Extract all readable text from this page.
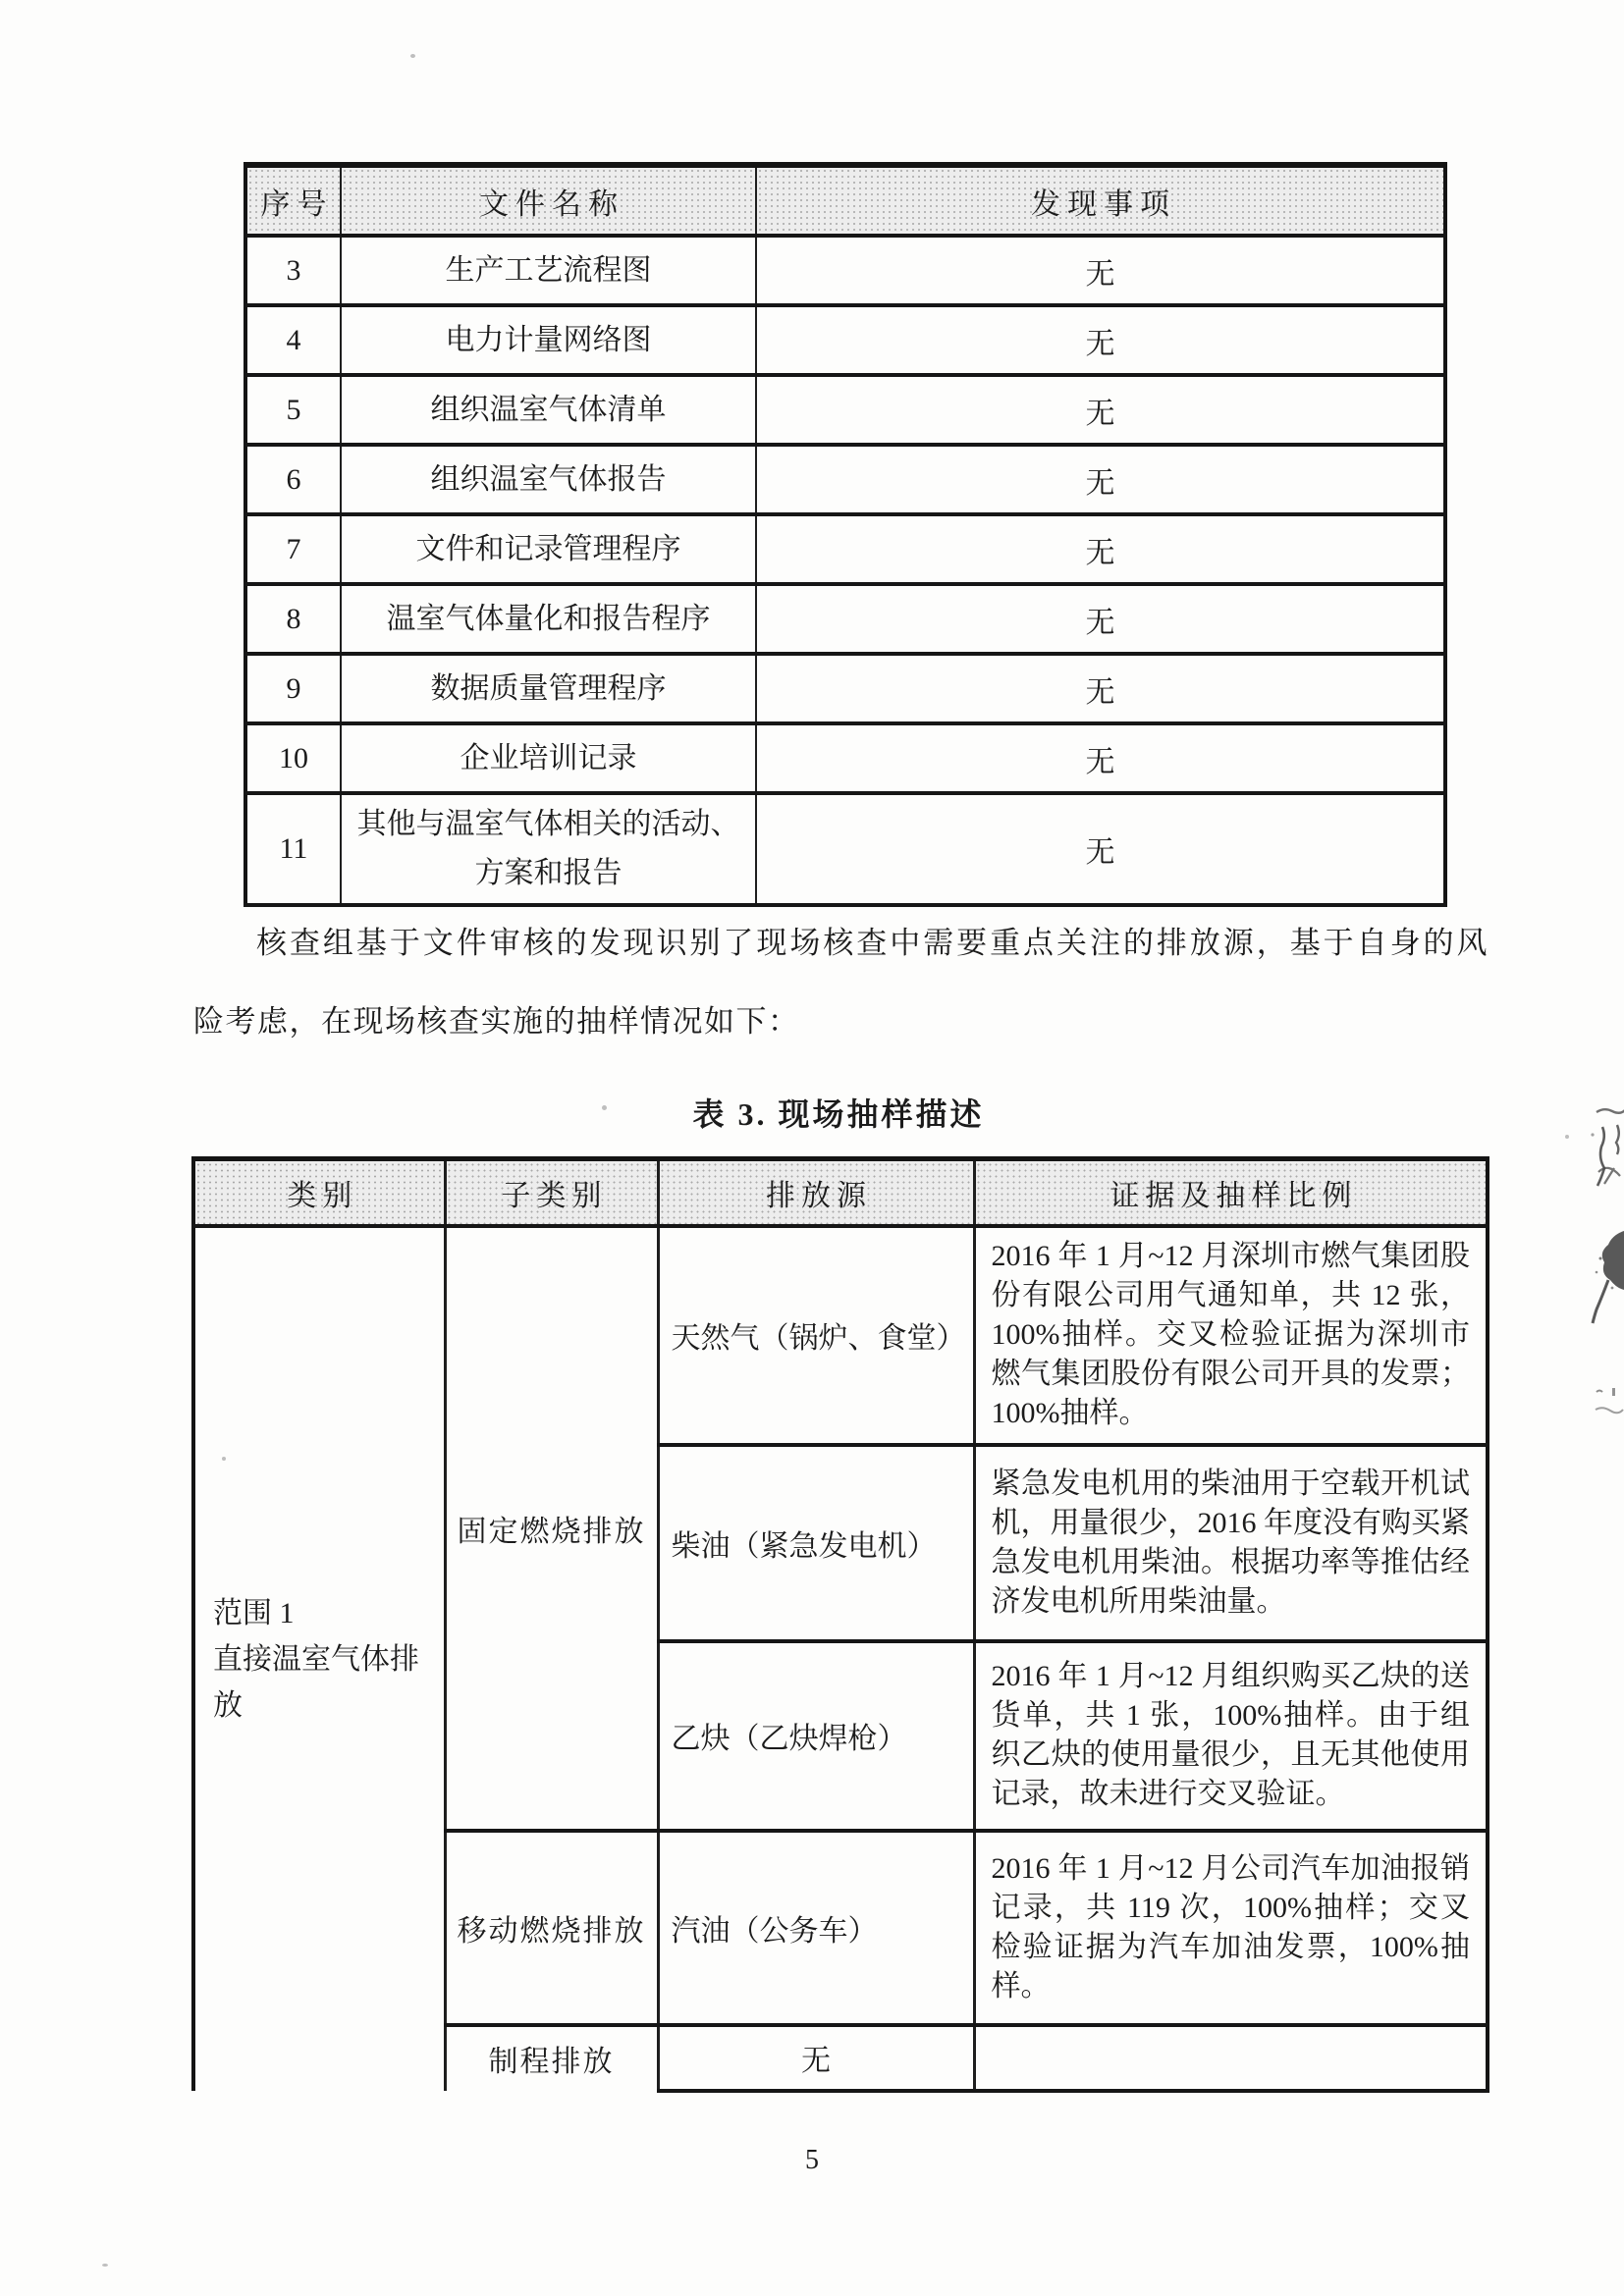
序号	文件名称	发现事项
3	生产工艺流程图	无
4	电力计量网络图	无
5	组织温室气体清单	无
6	组织温室气体报告	无
7	文件和记录管理程序	无
8	温室气体量化和报告程序	无
9	数据质量管理程序	无
10	企业培训记录	无
11	其他与温室气体相关的活动、方案和报告	无
核查组基于文件审核的发现识别了现场核查中需要重点关注的排放源，基于自身的风
险考虑，在现场核查实施的抽样情况如下：
表 3. 现场抽样描述
类别	子类别	排放源	证据及抽样比例

范围 1
直接温室气体排放	固定燃烧排放	天然气（锅炉、食堂）	2016 年 1 月~12 月深圳市燃气集团股份有限公司用气通知单，共 12 张，100%抽样。交叉检验证据为深圳市燃气集团股份有限公司开具的发票；100%抽样。
		柴油（紧急发电机）	紧急发电机用的柴油用于空载开机试机，用量很少，2016 年度没有购买紧急发电机用柴油。根据功率等推估经济发电机所用柴油量。
		乙炔（乙炔焊枪）	2016 年 1 月~12 月组织购买乙炔的送货单，共 1 张，100%抽样。由于组织乙炔的使用量很少，且无其他使用记录，故未进行交叉验证。
	移动燃烧排放	汽油（公务车）	2016 年 1 月~12 月公司汽车加油报销记录，共 119 次，100%抽样；交叉检验证据为汽车加油发票，100%抽样。
	制程排放	无	
5
